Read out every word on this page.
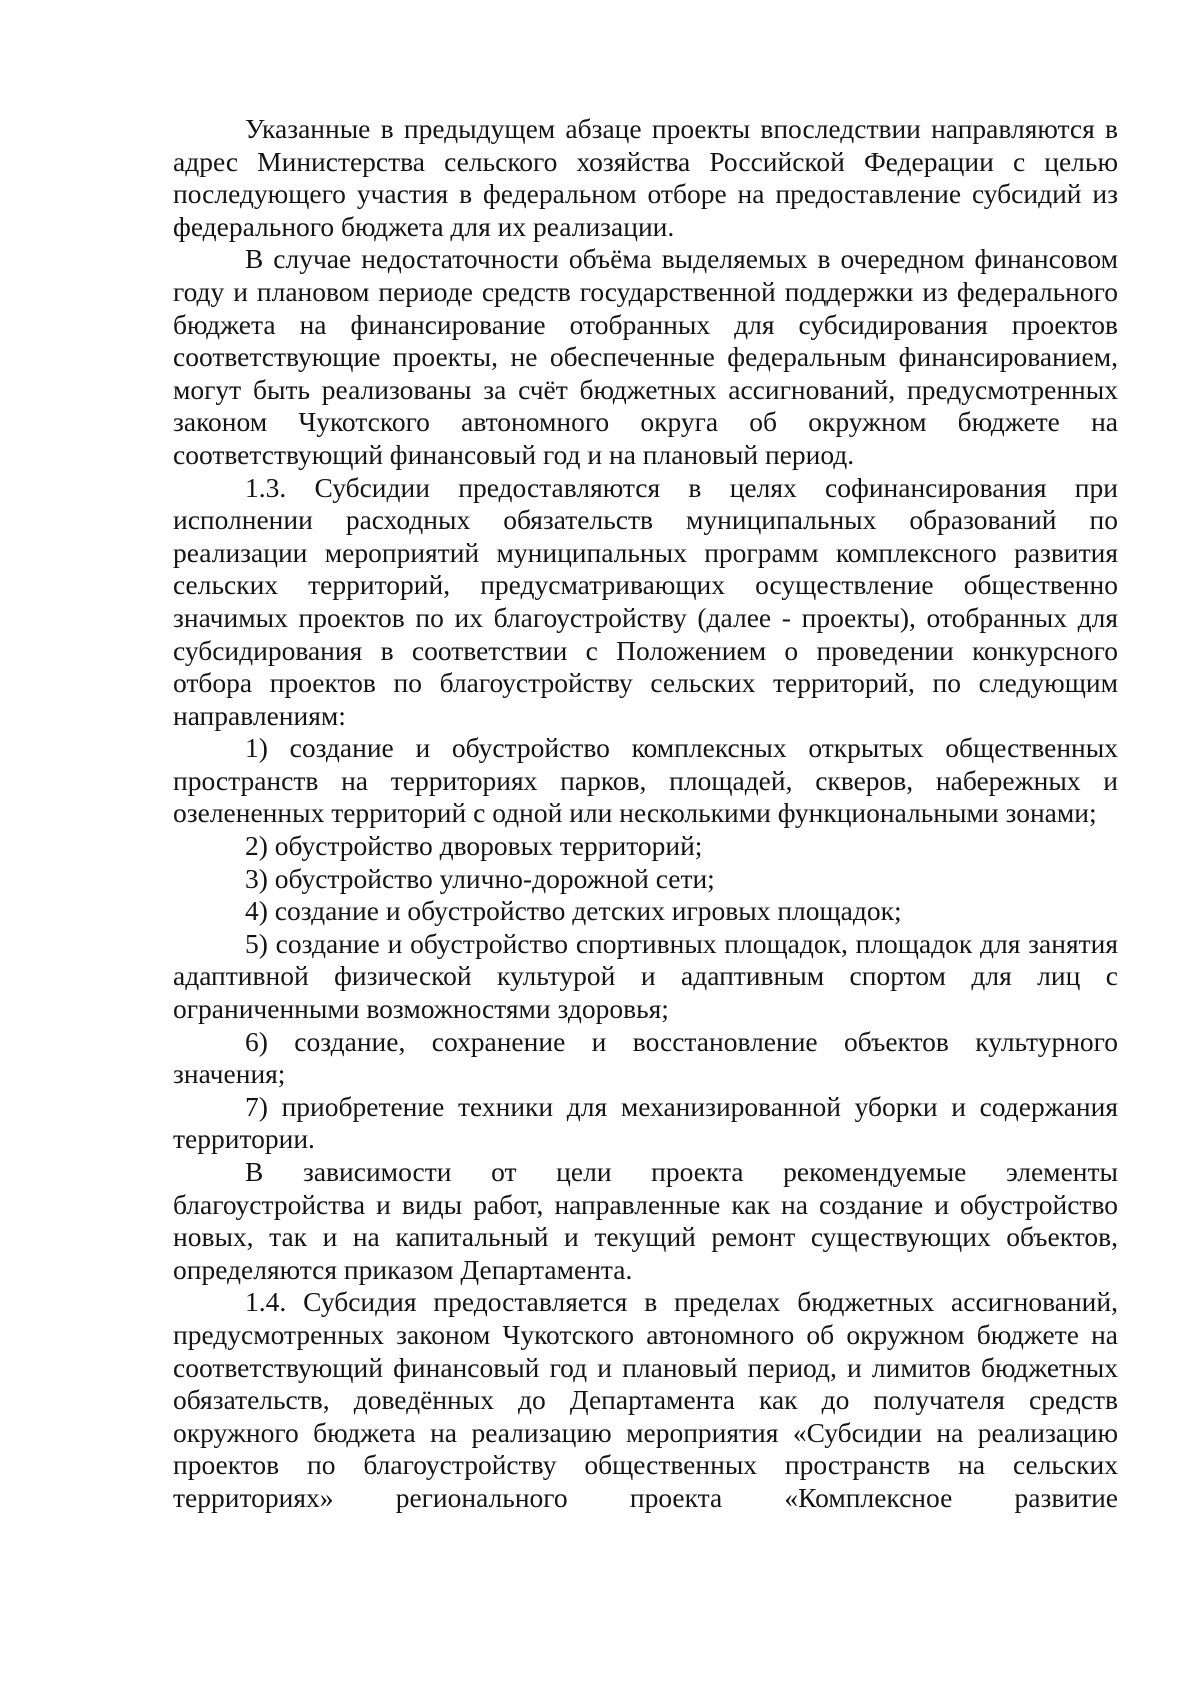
Указанные в предыдущем абзаце проекты впоследствии направляются в адрес Министерства сельского хозяйства Российской Федерации с целью последующего участия в федеральном отборе на предоставление субсидий из федерального бюджета для их реализации.

В случае недостаточности объёма выделяемых в очередном финансовом году и плановом периоде средств государственной поддержки из федерального бюджета на финансирование отобранных для субсидирования проектов соответствующие проекты, не обеспеченные федеральным финансированием, могут быть реализованы за счёт бюджетных ассигнований, предусмотренных законом Чукотского автономного округа об окружном бюджете на соответствующий финансовый год и на плановый период.

1.3. Субсидии предоставляются в целях софинансирования при исполнении расходных обязательств муниципальных образований по реализации мероприятий муниципальных программ комплексного развития сельских территорий, предусматривающих осуществление общественно значимых проектов по их благоустройству (далее - проекты), отобранных для субсидирования в соответствии с Положением о проведении конкурсного отбора проектов по благоустройству сельских территорий, по следующим направлениям:

1) создание и обустройство комплексных открытых общественных пространств на территориях парков, площадей, скверов, набережных и озелененных территорий с одной или несколькими функциональными зонами;

2) обустройство дворовых территорий;

3) обустройство улично-дорожной сети;

4) создание и обустройство детских игровых площадок;

5) создание и обустройство спортивных площадок, площадок для занятия адаптивной физической культурой и адаптивным спортом для лиц с ограниченными возможностями здоровья;

6) создание, сохранение и восстановление объектов культурного значения;

7) приобретение техники для механизированной уборки и содержания территории.

В зависимости от цели проекта рекомендуемые элементы благоустройства и виды работ, направленные как на создание и обустройство новых, так и на капитальный и текущий ремонт существующих объектов, определяются приказом Департамента.

1.4. Субсидия предоставляется в пределах бюджетных ассигнований, предусмотренных законом Чукотского автономного об окружном бюджете на соответствующий финансовый год и плановый период, и лимитов бюджетных обязательств, доведённых до Департамента как до получателя средств окружного бюджета на реализацию мероприятия «Субсидии на реализацию проектов по благоустройству общественных пространств на сельских территориях» регионального проекта «Комплексное развитие
